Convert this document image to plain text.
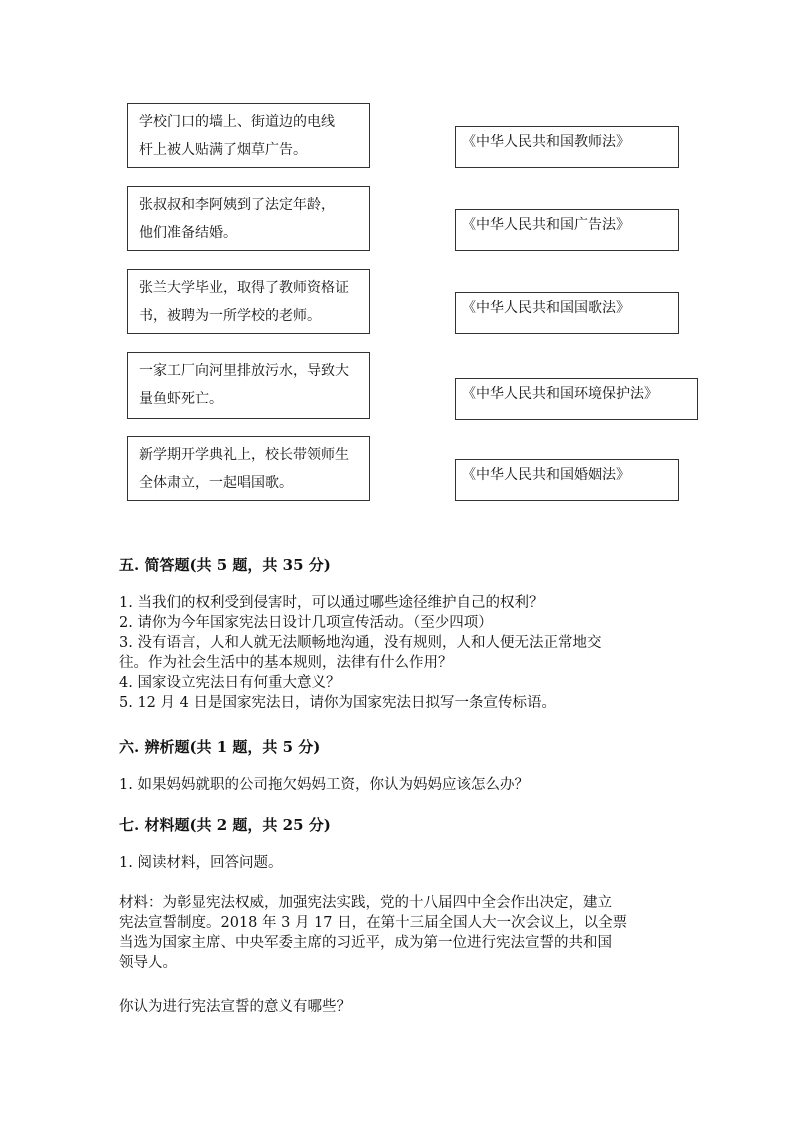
学校门口的墙上、街道边的电线
杆上被人贴满了烟草广告。
张叔叔和李阿姨到了法定年龄，
他们准备结婚。
张兰大学毕业，取得了教师资格证
书，被聘为一所学校的老师。
一家工厂向河里排放污水，导致大
量鱼虾死亡。
新学期开学典礼上，校长带领师生
全体肃立，一起唱国歌。
《中华人民共和国教师法》
《中华人民共和国广告法》
《中华人民共和国国歌法》
《中华人民共和国环境保护法》
《中华人民共和国婚姻法》
五. 简答题(共 5 题，共 35 分)
1. 当我们的权利受到侵害时，可以通过哪些途径维护自己的权利？
2. 请你为今年国家宪法日设计几项宣传活动。（至少四项）
3. 没有语言，人和人就无法顺畅地沟通，没有规则，人和人便无法正常地交
往。作为社会生活中的基本规则，法律有什么作用？
4. 国家设立宪法日有何重大意义？
5. 12 月 4 日是国家宪法日，请你为国家宪法日拟写一条宣传标语。
六. 辨析题(共 1 题，共 5 分)
1. 如果妈妈就职的公司拖欠妈妈工资，你认为妈妈应该怎么办？
七. 材料题(共 2 题，共 25 分)
1. 阅读材料，回答问题。
材料：为彰显宪法权威，加强宪法实践，党的十八届四中全会作出决定，建立
宪法宣誓制度。2018 年 3 月 17 日，在第十三届全国人大一次会议上，以全票
当选为国家主席、中央军委主席的习近平，成为第一位进行宪法宣誓的共和国
领导人。
你认为进行宪法宣誓的意义有哪些？
